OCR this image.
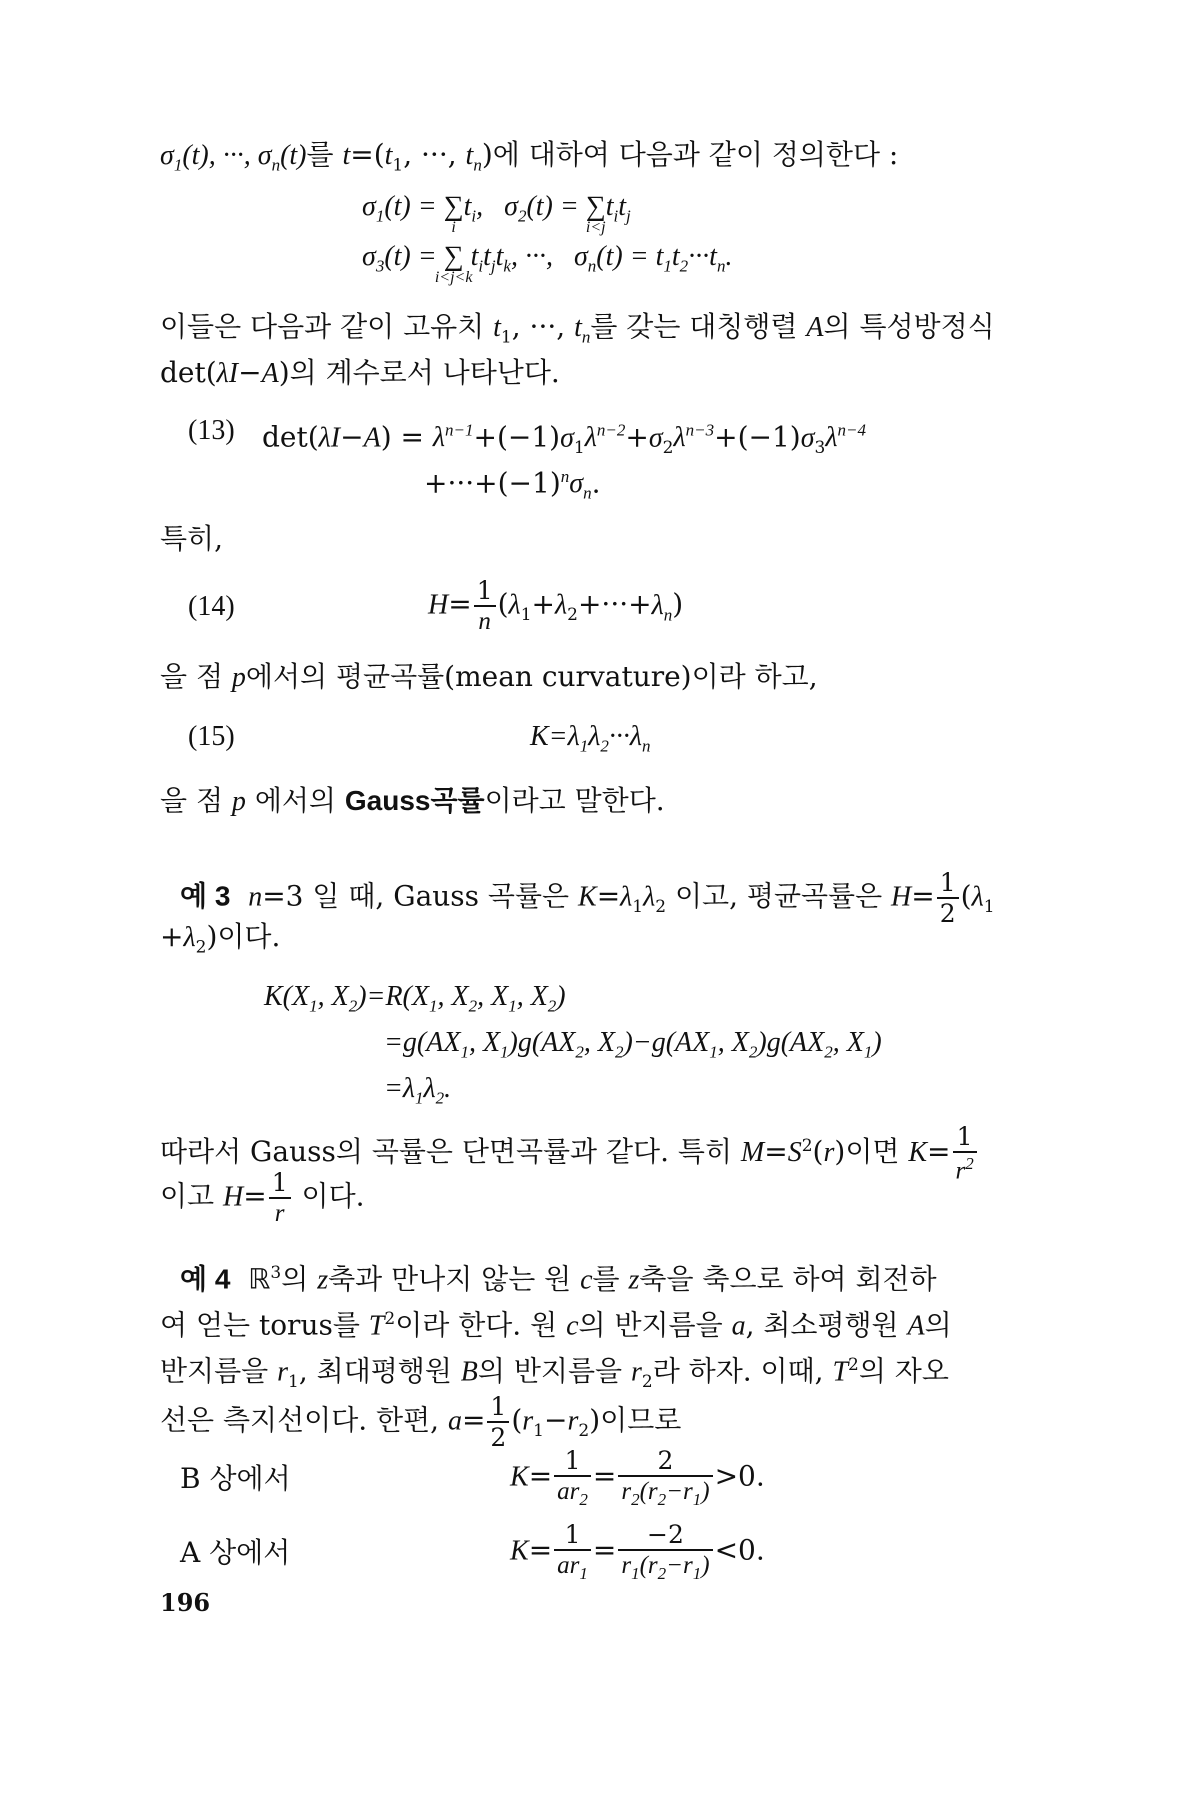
$\sigma_1(t)$, ···, $\sigma_n(t)$를 $t=(t_1$, ···, $t_n$)에 대하여 다음과 같이 정의한다 :
$\sigma_1(t)$ = ∑
i
$t_i$,   $\sigma_2(t)$ = ∑
i<j
$t_it_j$
$\sigma_3(t)$ = ∑
i<j<k
$t_it_jt_k$, ···,   $\sigma_n(t) = t_1t_2\cdot\cdot\cdot t_n$.
이들은 다음과 같이 고유치 $t_1$, ···, $t_n$를 갖는 대칭행렬 A의 특성방정식
det(λI−A)의 계수로서 나타난다.
(13) $\det(\lambda I-A) = \lambda^{n-1}+(-1)\sigma_1\lambda^{n-2}+\sigma_2\lambda^{n-3}+(-1)\sigma_3\lambda^{n-4}$
$+\cdot\cdot\cdot+(-1)^n\sigma_n$.
특히,
(14)	$H= \frac{1}{n} (\lambda_1+\lambda_2+\cdot\cdot\cdot+\lambda_n)$
을 점 p에서의 평균곡률(mean curvature)이라 하고,
(15)	$K=\lambda_1\lambda_2\cdot\cdot\cdot\lambda_n$
을 점 p 에서의 Gauss곡률이라고 말한다.
예 3 n=3 일 때, Gauss 곡률은 $K=\lambda_1\lambda_2$ 이고, 평균곡률은 $H= \frac{1}{2} (\lambda_1$
$+\lambda_2$)이다.
$K(X_1$, $X_2)=R(X_1$, $X_2$, $X_1$, $X_2$)
$=g(AX_1$, $X_1)g(AX_2$, $X_2)-g(AX_1$, $X_2)g(AX_2$, $X_1$)
$=\lambda_1\lambda_2$.
따라서 Gauss의 곡률은 단면곡률과 같다. 특히 $M=S^2(r)$이면 $K= \frac{1}{r^2}$
이고 $H= \frac{1}{r}$ 이다.
예 4 ℝ$^3$의 z축과 만나지 않는 원 c를 z축을 축으로 하여 회전하
여 얻는 torus를 $T^2$이라 한다. 원 c의 반지름을 a, 최소평행원 A의
반지름을 $r_1$, 최대평행원 B의 반지름을 $r_2$라 하자. 이때, $T^2$의 자오
선은 측지선이다. 한편, $a= \frac{1}{2} (r_1-r_2)$이므로
B 상에서	$K= \frac{1}{ar_2} = \frac{2}{r_2(r_2-r_1)} >0$.
A 상에서	$K= \frac{1}{ar_1} = \frac{-2}{r_1(r_2-r_1)} <0$.
196
